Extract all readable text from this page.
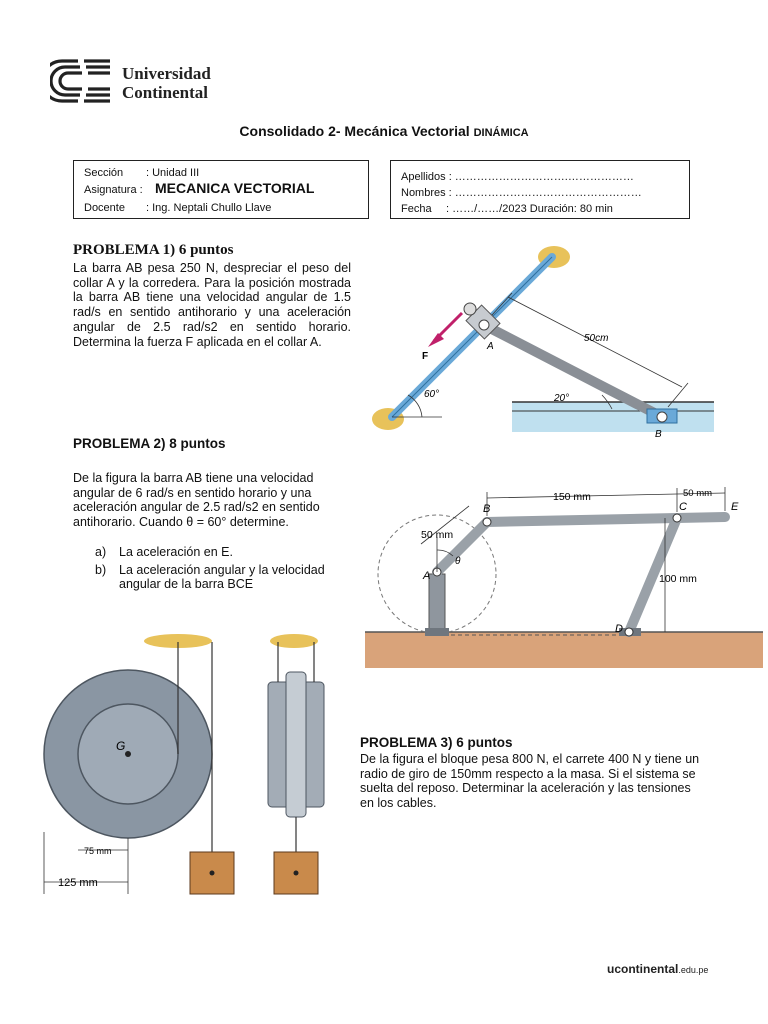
Universidad
Continental
Consolidado 2- Mecánica Vectorial DINÁMICA
Sección : Unidad III
Asignatura : MECANICA VECTORIAL
Docente : Ing. Neptali Chullo Llave
Apellidos : ………………………….………………
Nombres : ……………………………………………
Fecha : ……/……/2023 Duración: 80 min
PROBLEMA 1) 6 puntos
La barra AB pesa 250 N, despreciar el peso del collar A y la corredera. Para la posición mostrada la barra AB tiene una velocidad angular de 1.5 rad/s en sentido antihorario y una aceleración angular de 2.5 rad/s2 en sentido horario. Determina la fuerza F aplicada en el collar A.	A
B
F
50cm
60°	20°
PROBLEMA 2) 8 puntos
De la figura la barra AB tiene una velocidad angular de 6 rad/s en sentido horario y una aceleración angular de 2.5 rad/s2 en sentido antihorario. Cuando θ = 60° determine.
a) La aceleración en E.
b) La aceleración angular y la velocidad angular de la barra BCE
A
B	C
D
E
θ
50 mm
150 mm	50 mm
100 mm
G
75 mm
125 mm
PROBLEMA 3) 6 puntos
De la figura el bloque pesa 800 N, el carrete 400 N y tiene un radio de giro de 150mm respecto a la masa. Si el sistema se suelta del reposo. Determinar la aceleración y las tensiones en los cables.
ucontinental.edu.pe
